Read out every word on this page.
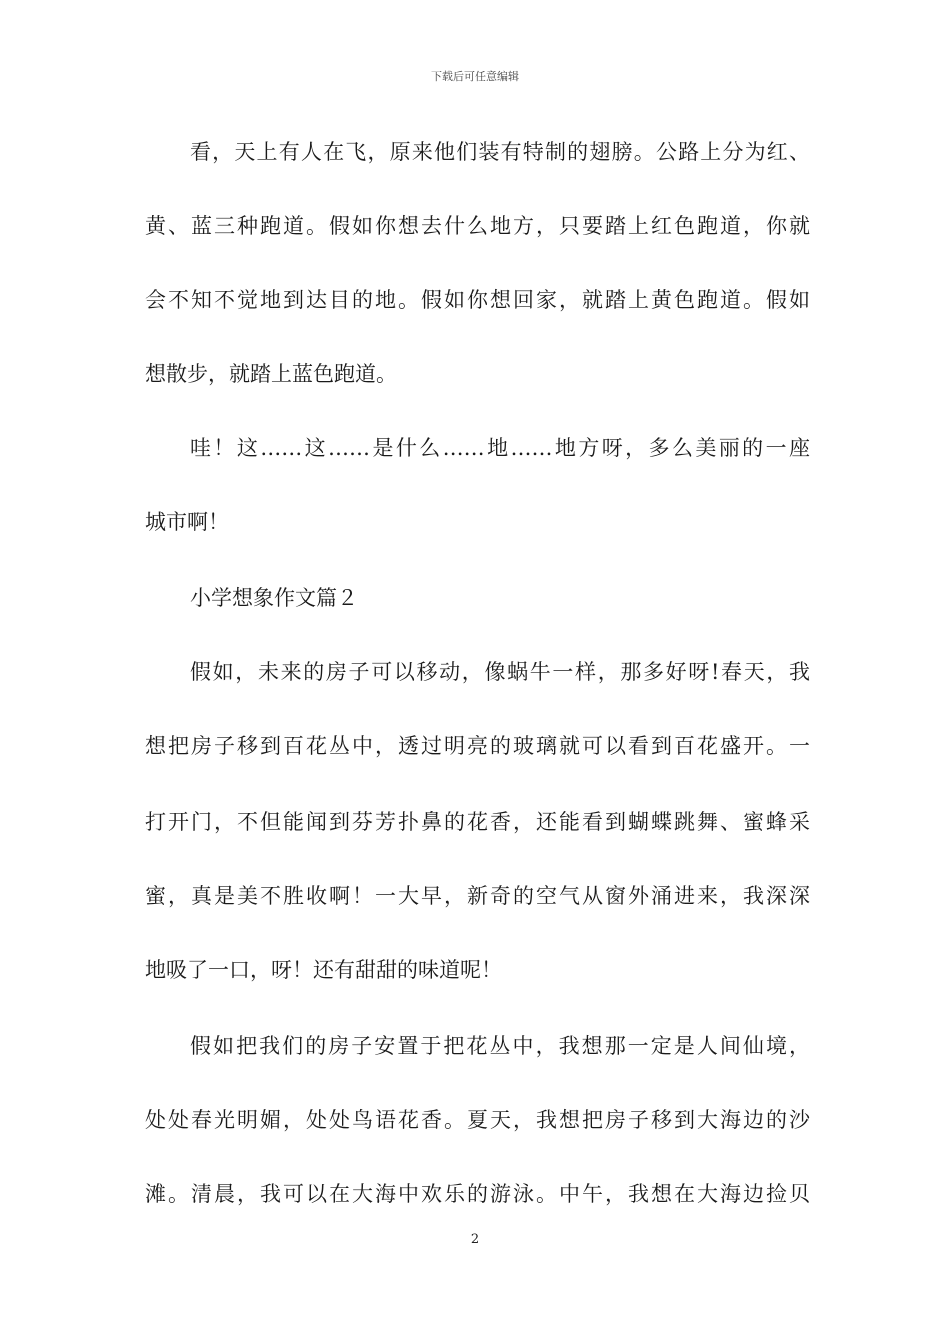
下载后可任意编辑
看，天上有人在飞，原来他们装有特制的翅膀。公路上分为红、
黄、蓝三种跑道。假如你想去什么地方，只要踏上红色跑道，你就
会不知不觉地到达目的地。假如你想回家，就踏上黄色跑道。假如
想散步，就踏上蓝色跑道。
哇！这……这……是什么……地……地方呀，多么美丽的一座
城市啊！
小学想象作文篇２
假如，未来的房子可以移动，像蜗牛一样，那多好呀!春天，我
想把房子移到百花丛中，透过明亮的玻璃就可以看到百花盛开。一
打开门，不但能闻到芬芳扑鼻的花香，还能看到蝴蝶跳舞、蜜蜂采
蜜，真是美不胜收啊！一大早，新奇的空气从窗外涌进来，我深深
地吸了一口，呀！还有甜甜的味道呢！
假如把我们的房子安置于把花丛中，我想那一定是人间仙境，
处处春光明媚，处处鸟语花香。夏天，我想把房子移到大海边的沙
滩。清晨，我可以在大海中欢乐的游泳。中午，我想在大海边捡贝
2
